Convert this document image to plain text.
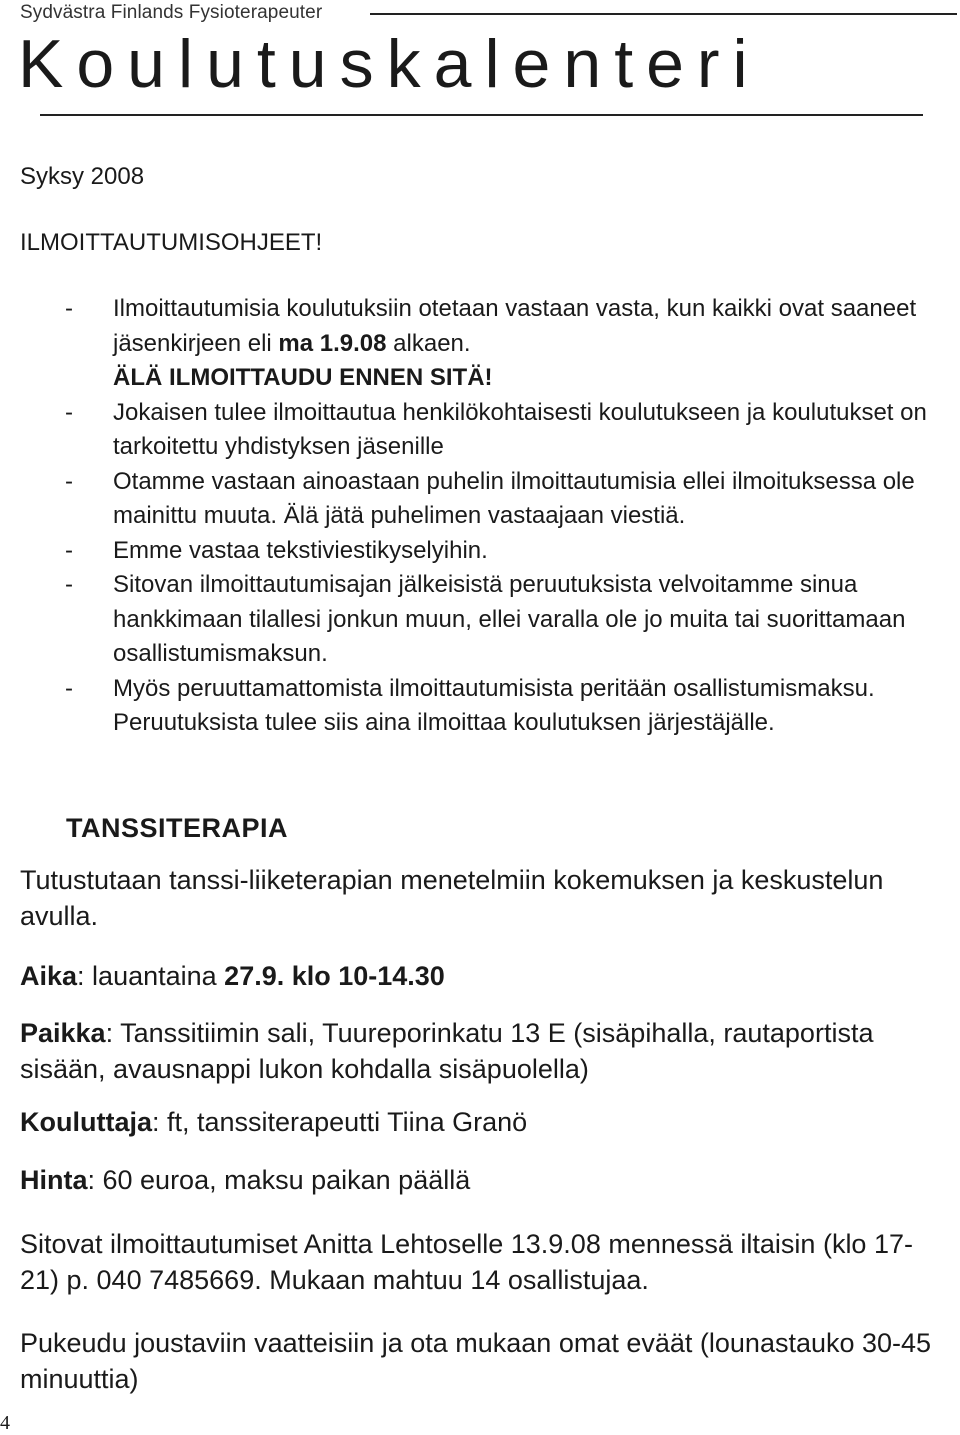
Sydvästra Finlands Fysioterapeuter
Koulutuskalenteri
Syksy 2008
ILMOITTAUTUMISOHJEET!
- Ilmoittautumisia koulutuksiin otetaan vastaan vasta, kun kaikki ovat saaneet jäsenkirjeen eli ma 1.9.08 alkaen.
ÄLÄ ILMOITTAUDU ENNEN SITÄ!
- Jokaisen tulee ilmoittautua henkilökohtaisesti koulutukseen ja koulutukset on tarkoitettu yhdistyksen jäsenille
- Otamme vastaan ainoastaan puhelin ilmoittautumisia ellei ilmoituksessa ole mainittu muuta. Älä jätä puhelimen vastaajaan viestiä.
- Emme vastaa tekstiviestikyselyihin.
- Sitovan ilmoittautumisajan jälkeisistä peruutuksista velvoitamme sinua hankkimaan tilallesi jonkun muun, ellei varalla ole jo muita tai suorittamaan osallistumismaksun.
- Myös peruuttamattomista ilmoittautumisista peritään osallistumismaksu. Peruutuksista tulee siis aina ilmoittaa koulutuksen järjestäjälle.
TANSSITERAPIA

Tutustutaan tanssi-liiketerapian menetelmiin kokemuksen ja keskustelun avulla.

Aika: lauantaina 27.9. klo 10-14.30

Paikka: Tanssitiimin sali, Tuureporinkatu 13 E (sisäpihalla, rautaportista sisään, avausnappi lukon kohdalla sisäpuolella)

Kouluttaja: ft, tanssiterapeutti Tiina Granö

Hinta: 60 euroa, maksu paikan päällä

Sitovat ilmoittautumiset Anitta Lehtoselle 13.9.08 mennessä iltaisin (klo 17-21) p. 040 7485669. Mukaan mahtuu 14 osallistujaa.

Pukeudu joustaviin vaatteisiin ja ota mukaan omat eväät (lounastauko 30-45 minuuttia)

4
